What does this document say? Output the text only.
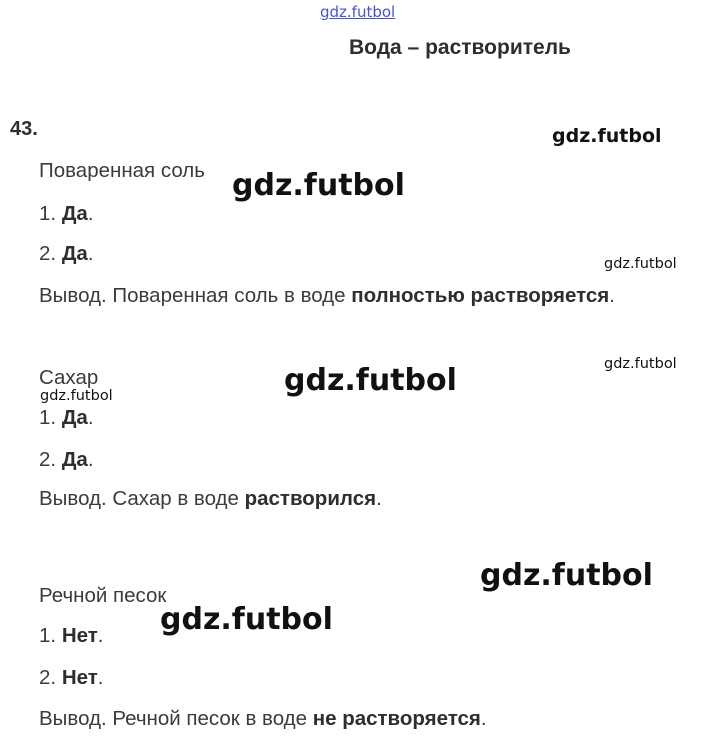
gdz.futbol
gdz.futbol
gdz.futbol
gdz.futbol
gdz.futbol
gdz.futbol
gdz.futbol
gdz.futbol
gdz.futbol
Вода – растворитель
43.
Поваренная соль
1. Да.
2. Да.
Вывод. Поваренная соль в воде полностью растворяется.
Сахар
1. Да.
2. Да.
Вывод. Сахар в воде растворился.
Речной песок
1. Нет.
2. Нет.
Вывод. Речной песок в воде не растворяется.
